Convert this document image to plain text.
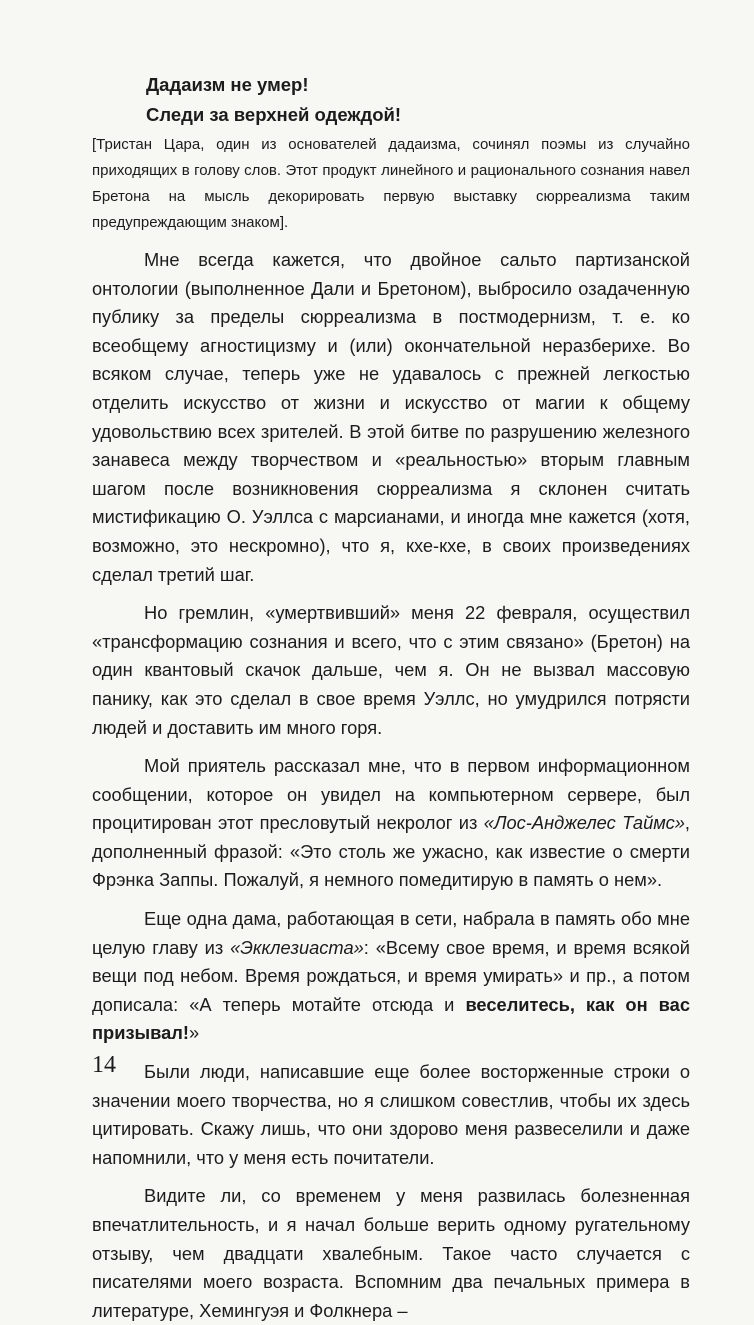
Дадаизм не умер!
Следи за верхней одеждой!
[Тристан Цара, один из основателей дадаизма, сочинял поэмы из случайно приходящих в голову слов. Этот продукт линейного и рационального сознания навел Бретона на мысль декорировать первую выставку сюрреализма таким предупреждающим знаком].

Мне всегда кажется, что двойное сальто партизанской онтологии (выполненное Дали и Бретоном), выбросило озадаченную публику за пределы сюрреализма в постмодернизм, т. е. ко всеобщему агностицизму и (или) окончательной неразберихе. Во всяком случае, теперь уже не удавалось с прежней легкостью отделить искусство от жизни и искусство от магии к общему удовольствию всех зрителей. В этой битве по разрушению железного занавеса между творчеством и «реальностью» вторым главным шагом после возникновения сюрреализма я склонен считать мистификацию О. Уэллса с марсианами, и иногда мне кажется (хотя, возможно, это нескромно), что я, кхе-кхе, в своих произведениях сделал третий шаг.

Но гремлин, «умертвивший» меня 22 февраля, осуществил «трансформацию сознания и всего, что с этим связано» (Бретон) на один квантовый скачок дальше, чем я. Он не вызвал массовую панику, как это сделал в свое время Уэллс, но умудрился потрясти людей и доставить им много горя.

Мой приятель рассказал мне, что в первом информационном сообщении, которое он увидел на компьютерном сервере, был процитирован этот пресловутый некролог из «Лос-Анджелес Таймс», дополненный фразой: «Это столь же ужасно, как известие о смерти Фрэнка Заппы. Пожалуй, я немного помедитирую в память о нем».

Еще одна дама, работающая в сети, набрала в память обо мне целую главу из «Экклезиаста»: «Всему свое время, и время всякой вещи под небом. Время рождаться, и время умирать» и пр., а потом дописала: «А теперь мотайте отсюда и веселитесь, как он вас призывал!»

Были люди, написавшие еще более восторженные строки о значении моего творчества, но я слишком совестлив, чтобы их здесь цитировать. Скажу лишь, что они здорово меня развеселили и даже напомнили, что у меня есть почитатели.

Видите ли, со временем у меня развилась болезненная впечатлительность, и я начал больше верить одному ругательному отзыву, чем двадцати хвалебным. Такое часто случается с писателями моего возраста. Вспомним два печальных примера в литературе, Хемингуэя и Фолкнера –

14
